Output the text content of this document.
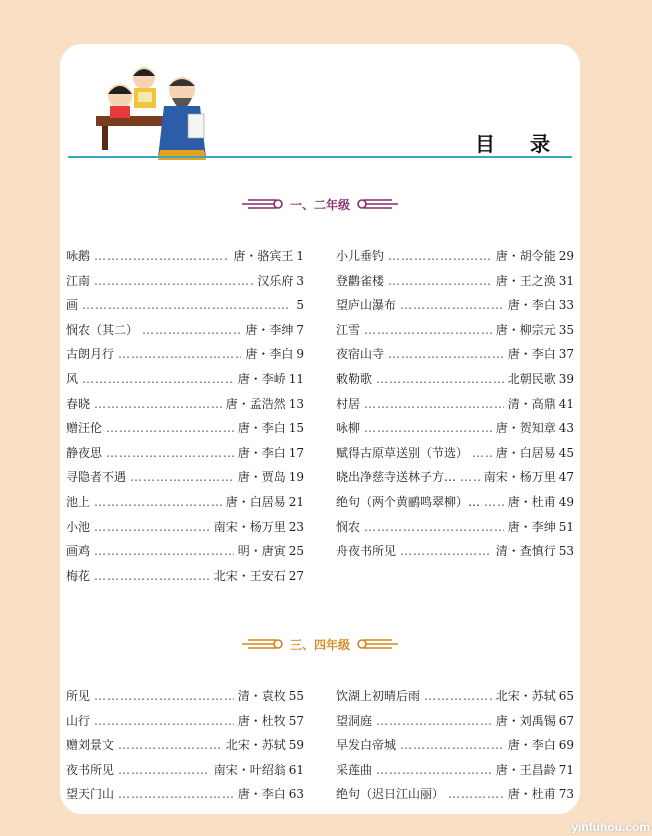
目 录
一、二年级
咏鹅 ………………………………………………………………………………………………………	唐・骆宾王 1
江南 ………………………………………………………………………………………………………	汉乐府 3
画 ………………………………………………………………………………………………………	5
悯农（其二） ………………………………………………………………………………………………………	唐・李绅 7
古朗月行 ………………………………………………………………………………………………………	唐・李白 9
风 ………………………………………………………………………………………………………	唐・李峤 11
春晓 ………………………………………………………………………………………………………	唐・孟浩然 13
赠汪伦 ………………………………………………………………………………………………………	唐・李白 15
静夜思 ………………………………………………………………………………………………………	唐・李白 17
寻隐者不遇 ………………………………………………………………………………………………………	唐・贾岛 19
池上 ………………………………………………………………………………………………………	唐・白居易 21
小池 ………………………………………………………………………………………………………	南宋・杨万里 23
画鸡 ………………………………………………………………………………………………………	明・唐寅 25
梅花 ………………………………………………………………………………………………………	北宋・王安石 27
小儿垂钓 ………………………………………………………………………………………………………	唐・胡令能 29
登鹳雀楼 ………………………………………………………………………………………………………	唐・王之涣 31
望庐山瀑布 ………………………………………………………………………………………………………	唐・李白 33
江雪 ………………………………………………………………………………………………………	唐・柳宗元 35
夜宿山寺 ………………………………………………………………………………………………………	唐・李白 37
敕勒歌 ………………………………………………………………………………………………………	北朝民歌 39
村居 ………………………………………………………………………………………………………	清・高鼎 41
咏柳 ………………………………………………………………………………………………………	唐・贺知章 43
赋得古原草送别（节选） ……………………………………………………………………………………………………… 唐・白居易 45
晓出净慈寺送林子方… ……………………………………………………………………………………………………… 南宋・杨万里 47
绝句（两个黄鹂鸣翠柳）… ……………………………………………………………………………………………………… 唐・杜甫 49
悯农 ………………………………………………………………………………………………………	唐・李绅 51
舟夜书所见 ………………………………………………………………………………………………………	清・查慎行 53
三、四年级
所见 ………………………………………………………………………………………………………	清・袁枚 55
山行 ………………………………………………………………………………………………………	唐・杜牧 57
赠刘景文 ………………………………………………………………………………………………………	北宋・苏轼 59
夜书所见 ………………………………………………………………………………………………………	南宋・叶绍翁 61
望天门山 ………………………………………………………………………………………………………	唐・李白 63
饮湖上初晴后雨 ………………………………………………………………………………………………………	北宋・苏轼 65
望洞庭 ………………………………………………………………………………………………………	唐・刘禹锡 67
早发白帝城 ………………………………………………………………………………………………………	唐・李白 69
采莲曲 ………………………………………………………………………………………………………	唐・王昌龄 71
绝句（迟日江山丽） ………………………………………………………………………………………………………	唐・杜甫 73
yinfuhou.com
